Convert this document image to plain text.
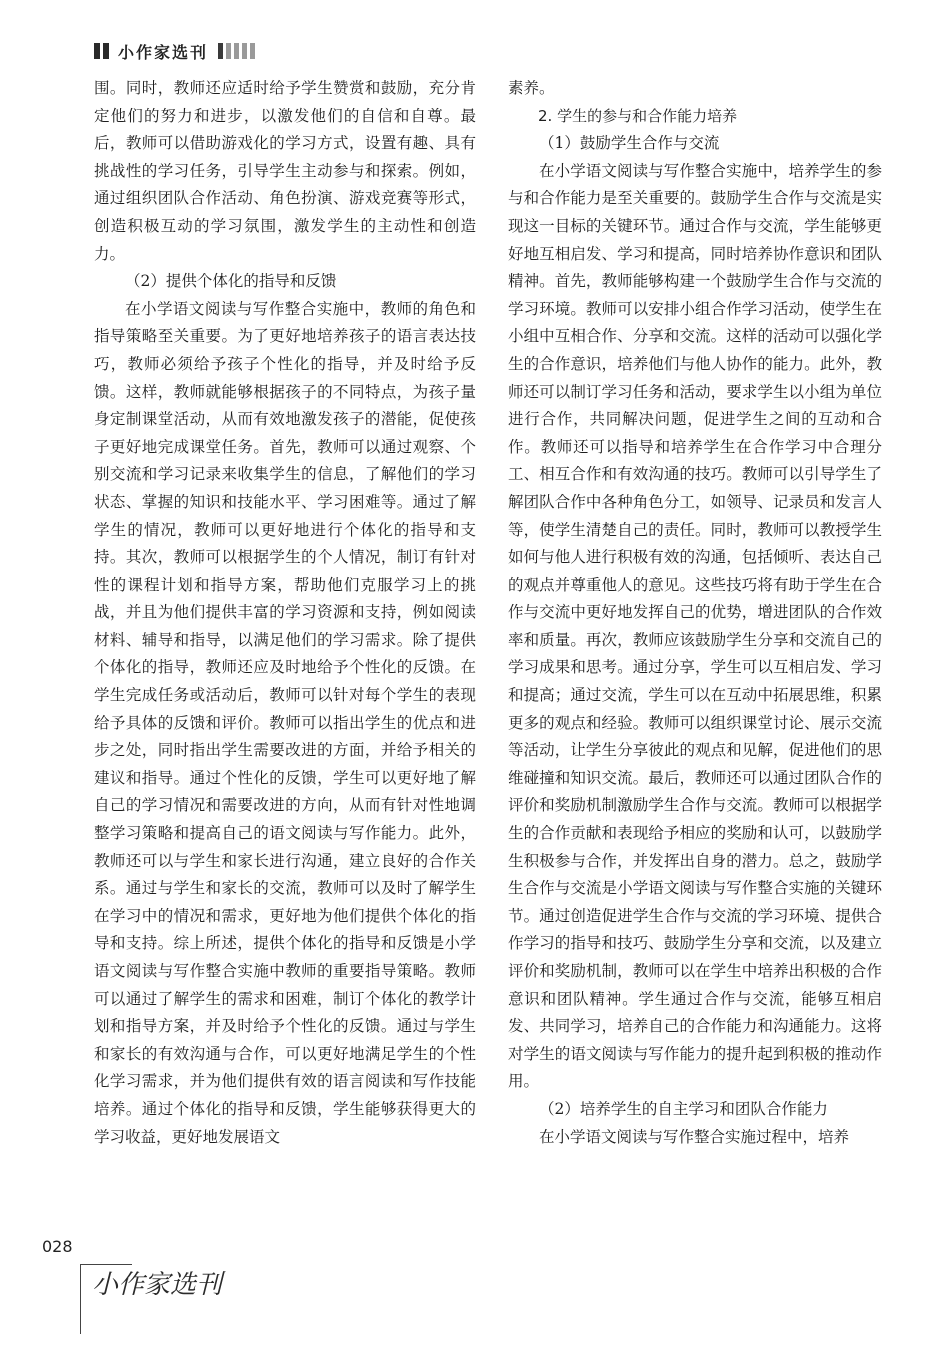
小作家选刊

围。同时，教师还应适时给予学生赞赏和鼓励，充分肯定他们的努力和进步，以激发他们的自信和自尊。最后，教师可以借助游戏化的学习方式，设置有趣、具有挑战性的学习任务，引导学生主动参与和探索。例如，通过组织团队合作活动、角色扮演、游戏竞赛等形式，创造积极互动的学习氛围，激发学生的主动性和创造力。

（2）提供个体化的指导和反馈

在小学语文阅读与写作整合实施中，教师的角色和指导策略至关重要。为了更好地培养孩子的语言表达技巧，教师必须给予孩子个性化的指导，并及时给予反馈。这样，教师就能够根据孩子的不同特点，为孩子量身定制课堂活动，从而有效地激发孩子的潜能，促使孩子更好地完成课堂任务。首先，教师可以通过观察、个别交流和学习记录来收集学生的信息，了解他们的学习状态、掌握的知识和技能水平、学习困难等。通过了解学生的情况，教师可以更好地进行个体化的指导和支持。其次，教师可以根据学生的个人情况，制订有针对性的课程计划和指导方案，帮助他们克服学习上的挑战，并且为他们提供丰富的学习资源和支持，例如阅读材料、辅导和指导，以满足他们的学习需求。除了提供个体化的指导，教师还应及时地给予个性化的反馈。在学生完成任务或活动后，教师可以针对每个学生的表现给予具体的反馈和评价。教师可以指出学生的优点和进步之处，同时指出学生需要改进的方面，并给予相关的建议和指导。通过个性化的反馈，学生可以更好地了解自己的学习情况和需要改进的方向，从而有针对性地调整学习策略和提高自己的语文阅读与写作能力。此外，教师还可以与学生和家长进行沟通，建立良好的合作关系。通过与学生和家长的交流，教师可以及时了解学生在学习中的情况和需求，更好地为他们提供个体化的指导和支持。综上所述，提供个体化的指导和反馈是小学语文阅读与写作整合实施中教师的重要指导策略。教师可以通过了解学生的需求和困难，制订个体化的教学计划和指导方案，并及时给予个性化的反馈。通过与学生和家长的有效沟通与合作，可以更好地满足学生的个性化学习需求，并为他们提供有效的语言阅读和写作技能培养。通过个体化的指导和反馈，学生能够获得更大的学习收益，更好地发展语文

素养。

2. 学生的参与和合作能力培养

（1）鼓励学生合作与交流

在小学语文阅读与写作整合实施中，培养学生的参与和合作能力是至关重要的。鼓励学生合作与交流是实现这一目标的关键环节。通过合作与交流，学生能够更好地互相启发、学习和提高，同时培养协作意识和团队精神。首先，教师能够构建一个鼓励学生合作与交流的学习环境。教师可以安排小组合作学习活动，使学生在小组中互相合作、分享和交流。这样的活动可以强化学生的合作意识，培养他们与他人协作的能力。此外，教师还可以制订学习任务和活动，要求学生以小组为单位进行合作，共同解决问题，促进学生之间的互动和合作。教师还可以指导和培养学生在合作学习中合理分工、相互合作和有效沟通的技巧。教师可以引导学生了解团队合作中各种角色分工，如领导、记录员和发言人等，使学生清楚自己的责任。同时，教师可以教授学生如何与他人进行积极有效的沟通，包括倾听、表达自己的观点并尊重他人的意见。这些技巧将有助于学生在合作与交流中更好地发挥自己的优势，增进团队的合作效率和质量。再次，教师应该鼓励学生分享和交流自己的学习成果和思考。通过分享，学生可以互相启发、学习和提高；通过交流，学生可以在互动中拓展思维，积累更多的观点和经验。教师可以组织课堂讨论、展示交流等活动，让学生分享彼此的观点和见解，促进他们的思维碰撞和知识交流。最后，教师还可以通过团队合作的评价和奖励机制激励学生合作与交流。教师可以根据学生的合作贡献和表现给予相应的奖励和认可，以鼓励学生积极参与合作，并发挥出自身的潜力。总之，鼓励学生合作与交流是小学语文阅读与写作整合实施的关键环节。通过创造促进学生合作与交流的学习环境、提供合作学习的指导和技巧、鼓励学生分享和交流，以及建立评价和奖励机制，教师可以在学生中培养出积极的合作意识和团队精神。学生通过合作与交流，能够互相启发、共同学习，培养自己的合作能力和沟通能力。这将对学生的语文阅读与写作能力的提升起到积极的推动作用。

（2）培养学生的自主学习和团队合作能力

在小学语文阅读与写作整合实施过程中，培养

028
小作家选刊
